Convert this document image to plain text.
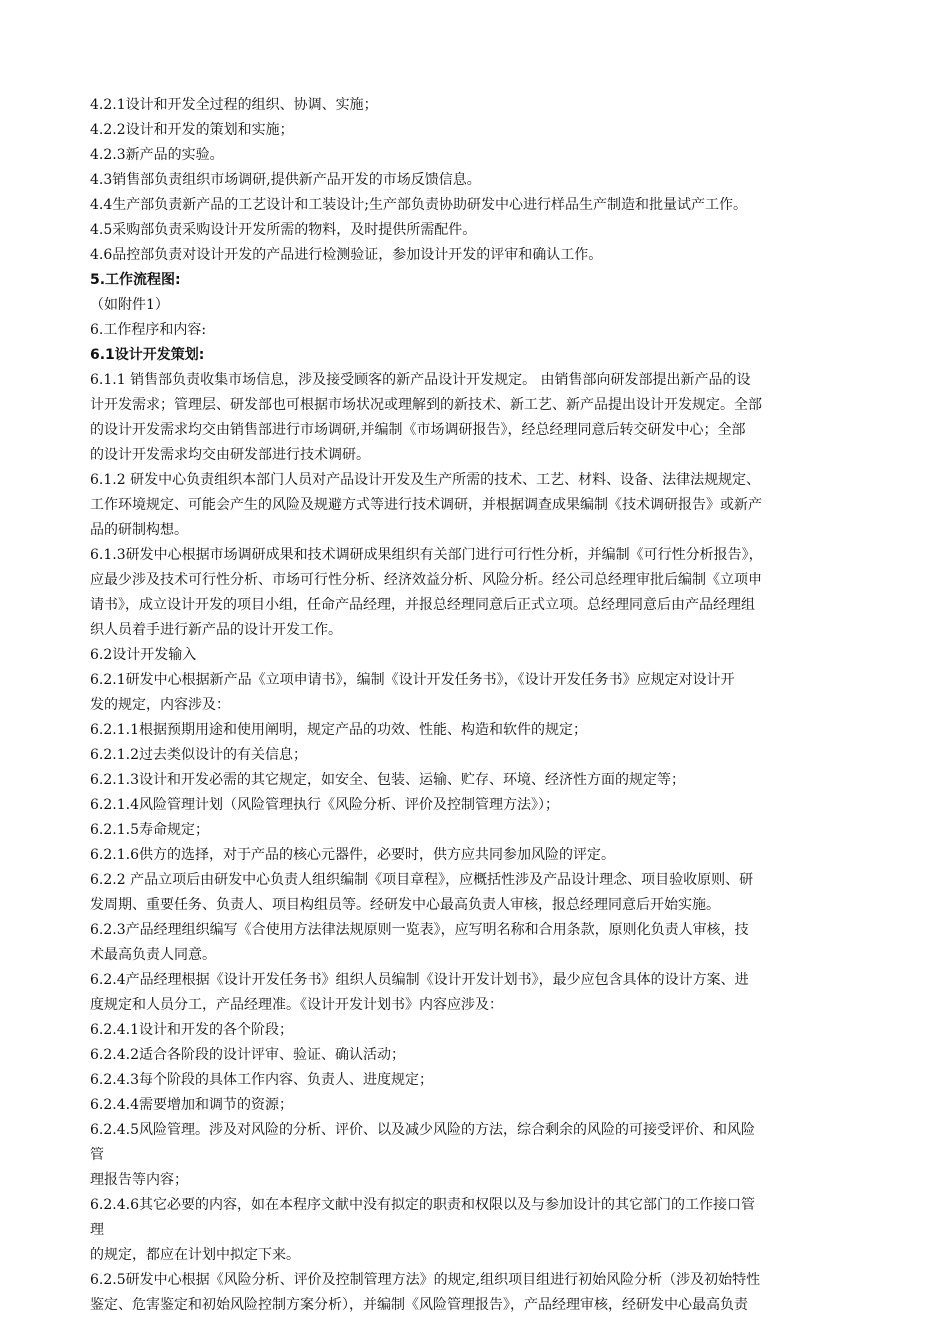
4.2.1设计和开发全过程的组织、协调、实施；
4.2.2设计和开发的策划和实施；
4.2.3新产品的实验。
4.3销售部负责组织市场调研,提供新产品开发的市场反馈信息。
4.4生产部负责新产品的工艺设计和工装设计;生产部负责协助研发中心进行样品生产制造和批量试产工作。
4.5采购部负责采购设计开发所需的物料，及时提供所需配件。
4.6品控部负责对设计开发的产品进行检测验证，参加设计开发的评审和确认工作。
5.工作流程图:
（如附件1）
6.工作程序和内容:
6.1设计开发策划:
6.1.1 销售部负责收集市场信息，涉及接受顾客的新产品设计开发规定。 由销售部向研发部提出新产品的设
计开发需求；管理层、研发部也可根据市场状况或理解到的新技术、新工艺、新产品提出设计开发规定。全部
的设计开发需求均交由销售部进行市场调研,并编制《市场调研报告》，经总经理同意后转交研发中心；全部
的设计开发需求均交由研发部进行技术调研。
6.1.2 研发中心负责组织本部门人员对产品设计开发及生产所需的技术、工艺、材料、设备、法律法规规定、
工作环境规定、可能会产生的风险及规避方式等进行技术调研，并根据调查成果编制《技术调研报告》或新产
品的研制构想。
6.1.3研发中心根据市场调研成果和技术调研成果组织有关部门进行可行性分析，并编制《可行性分析报告》，
应最少涉及技术可行性分析、市场可行性分析、经济效益分析、风险分析。经公司总经理审批后编制《立项申
请书》，成立设计开发的项目小组，任命产品经理，并报总经理同意后正式立项。总经理同意后由产品经理组
织人员着手进行新产品的设计开发工作。
6.2设计开发输入
6.2.1研发中心根据新产品《立项申请书》，编制《设计开发任务书》，《设计开发任务书》应规定对设计开
发的规定，内容涉及：
6.2.1.1根据预期用途和使用阐明，规定产品的功效、性能、构造和软件的规定；
6.2.1.2过去类似设计的有关信息；
6.2.1.3设计和开发必需的其它规定，如安全、包装、运输、贮存、环境、经济性方面的规定等；
6.2.1.4风险管理计划（风险管理执行《风险分析、评价及控制管理方法》）；
6.2.1.5寿命规定；
6.2.1.6供方的选择，对于产品的核心元器件，必要时，供方应共同参加风险的评定。
6.2.2 产品立项后由研发中心负责人组织编制《项目章程》，应概括性涉及产品设计理念、项目验收原则、研
发周期、重要任务、负责人、项目构组员等。经研发中心最高负责人审核，报总经理同意后开始实施。
6.2.3产品经理组织编写《合使用方法律法规原则一览表》，应写明名称和合用条款，原则化负责人审核，技
术最高负责人同意。
6.2.4产品经理根据《设计开发任务书》组织人员编制《设计开发计划书》，最少应包含具体的设计方案、进
度规定和人员分工，产品经理准。《设计开发计划书》内容应涉及：
6.2.4.1设计和开发的各个阶段；
6.2.4.2适合各阶段的设计评审、验证、确认活动；
6.2.4.3每个阶段的具体工作内容、负责人、进度规定；
6.2.4.4需要增加和调节的资源；
6.2.4.5风险管理。涉及对风险的分析、评价、以及减少风险的方法，综合剩余的风险的可接受评价、和风险
管
理报告等内容；
6.2.4.6其它必要的内容，如在本程序文献中没有拟定的职责和权限以及与参加设计的其它部门的工作接口管
理
的规定，都应在计划中拟定下来。
6.2.5研发中心根据《风险分析、评价及控制管理方法》的规定,组织项目组进行初始风险分析（涉及初始特性
鉴定、危害鉴定和初始风险控制方案分析），并编制《风险管理报告》，产品经理审核，经研发中心最高负责
